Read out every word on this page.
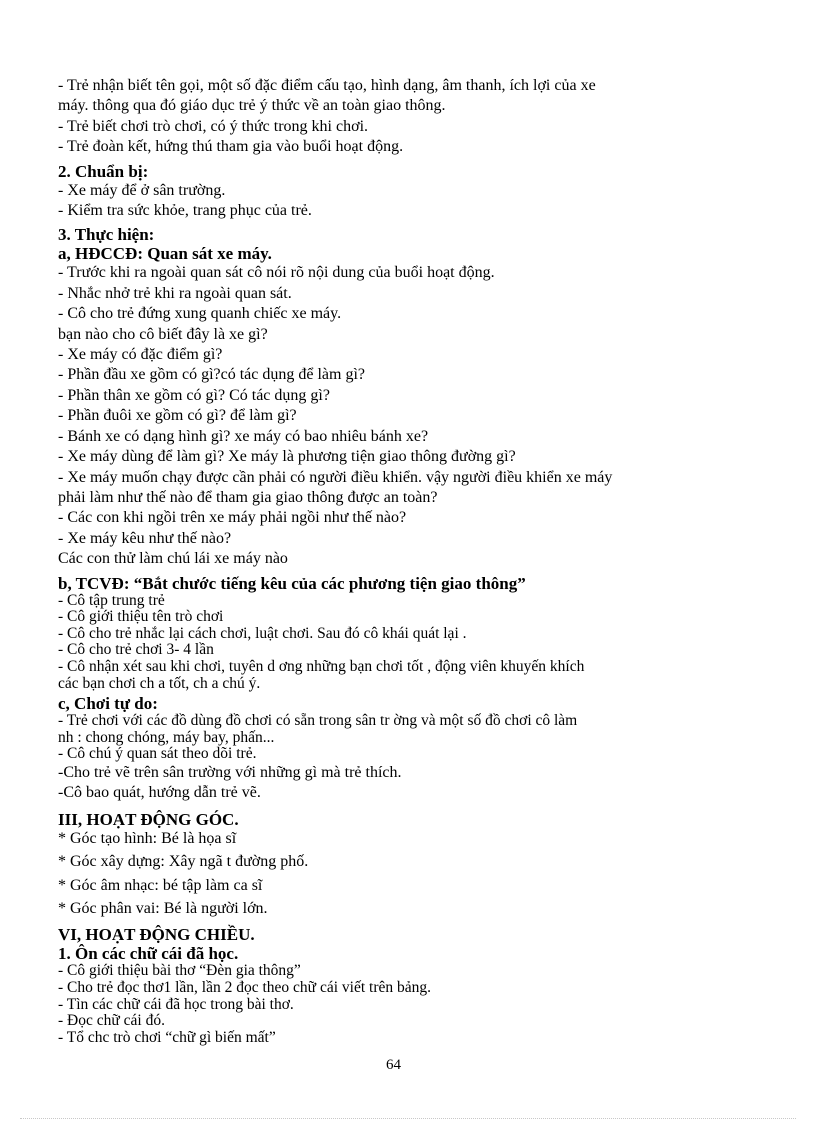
- Trẻ nhận biết tên gọi, một số đặc điểm cấu tạo, hình dạng, âm thanh, ích lợi của xe
máy. thông qua đó giáo dục trẻ ý thức về an toàn giao thông.
- Trẻ biết chơi trò chơi, có ý thức trong khi chơi.
- Trẻ đoàn kết, hứng thú tham gia vào buổi hoạt động.
2. Chuẩn bị:
- Xe máy để ở sân trường.
- Kiểm tra sức khỏe, trang phục của trẻ.
3. Thực hiện:
a, HĐCCĐ: Quan sát xe máy.
- Trước khi ra ngoài quan sát cô nói rõ nội dung của buổi hoạt động.
- Nhắc nhở trẻ khi ra ngoài quan sát.
- Cô cho trẻ đứng xung quanh chiếc xe máy.
bạn nào cho cô biết đây là xe gì?
- Xe máy có đặc điểm gì?
- Phần đầu xe gồm có gì?có tác dụng để làm gì?
- Phần thân xe gồm có gì? Có tác dụng gì?
- Phần đuôi xe gồm có gì? để làm gì?
- Bánh xe có dạng hình gì? xe máy có bao nhiêu bánh xe?
- Xe máy dùng để làm gì? Xe máy là phương tiện giao thông đường gì?
- Xe máy muốn chạy được cần phải có người điều khiển. vậy người điều khiển xe máy
phải làm như thế nào để tham gia giao thông được an toàn?
- Các con khi ngồi trên xe máy phải ngồi như thế nào?
- Xe máy kêu như thế nào?
Các con thử làm chú lái xe máy nào
b, TCVĐ: “Bắt chước tiếng kêu của các phương tiện giao thông”
- Cô tập trung trẻ
- Cô giới thiệu tên trò chơi
- Cô cho trẻ nhắc lại cách chơi, luật chơi. Sau đó cô khái quát lại .
- Cô cho trẻ chơi 3- 4 lần
- Cô nhận xét sau khi chơi, tuyên d ơng những bạn chơi tốt , động viên khuyến khích
các bạn chơi ch a tốt, ch a chú ý.
c, Chơi tự do:
- Trẻ chơi với các đồ dùng đồ chơi có sẵn trong sân tr ờng và một số đồ chơi cô làm
nh : chong chóng, máy bay, phấn...
- Cô chú ý quan sát theo dõi trẻ.
-Cho trẻ vẽ trên sân trường với những gì mà trẻ thích.
-Cô bao quát, hướng dẫn trẻ vẽ.
III, HOẠT ĐỘNG GÓC.
* Góc tạo hình: Bé là họa sĩ
* Góc xây dựng: Xây ngã t đường phố.
* Góc âm nhạc: bé tập làm ca sĩ
* Góc phân vai: Bé là người lớn.
VI, HOẠT ĐỘNG CHIỀU.
1. Ôn các chữ cái đã học.
- Cô giới thiệu bài thơ “Đèn gia thông”
- Cho trẻ đọc thơ1 lần, lần 2 đọc theo chữ cái viết trên bảng.
- Tìn các chữ cái đã học trong bài thơ.
- Đọc chữ cái đó.
- Tổ chc trò chơi “chữ gì biến mất”
64
